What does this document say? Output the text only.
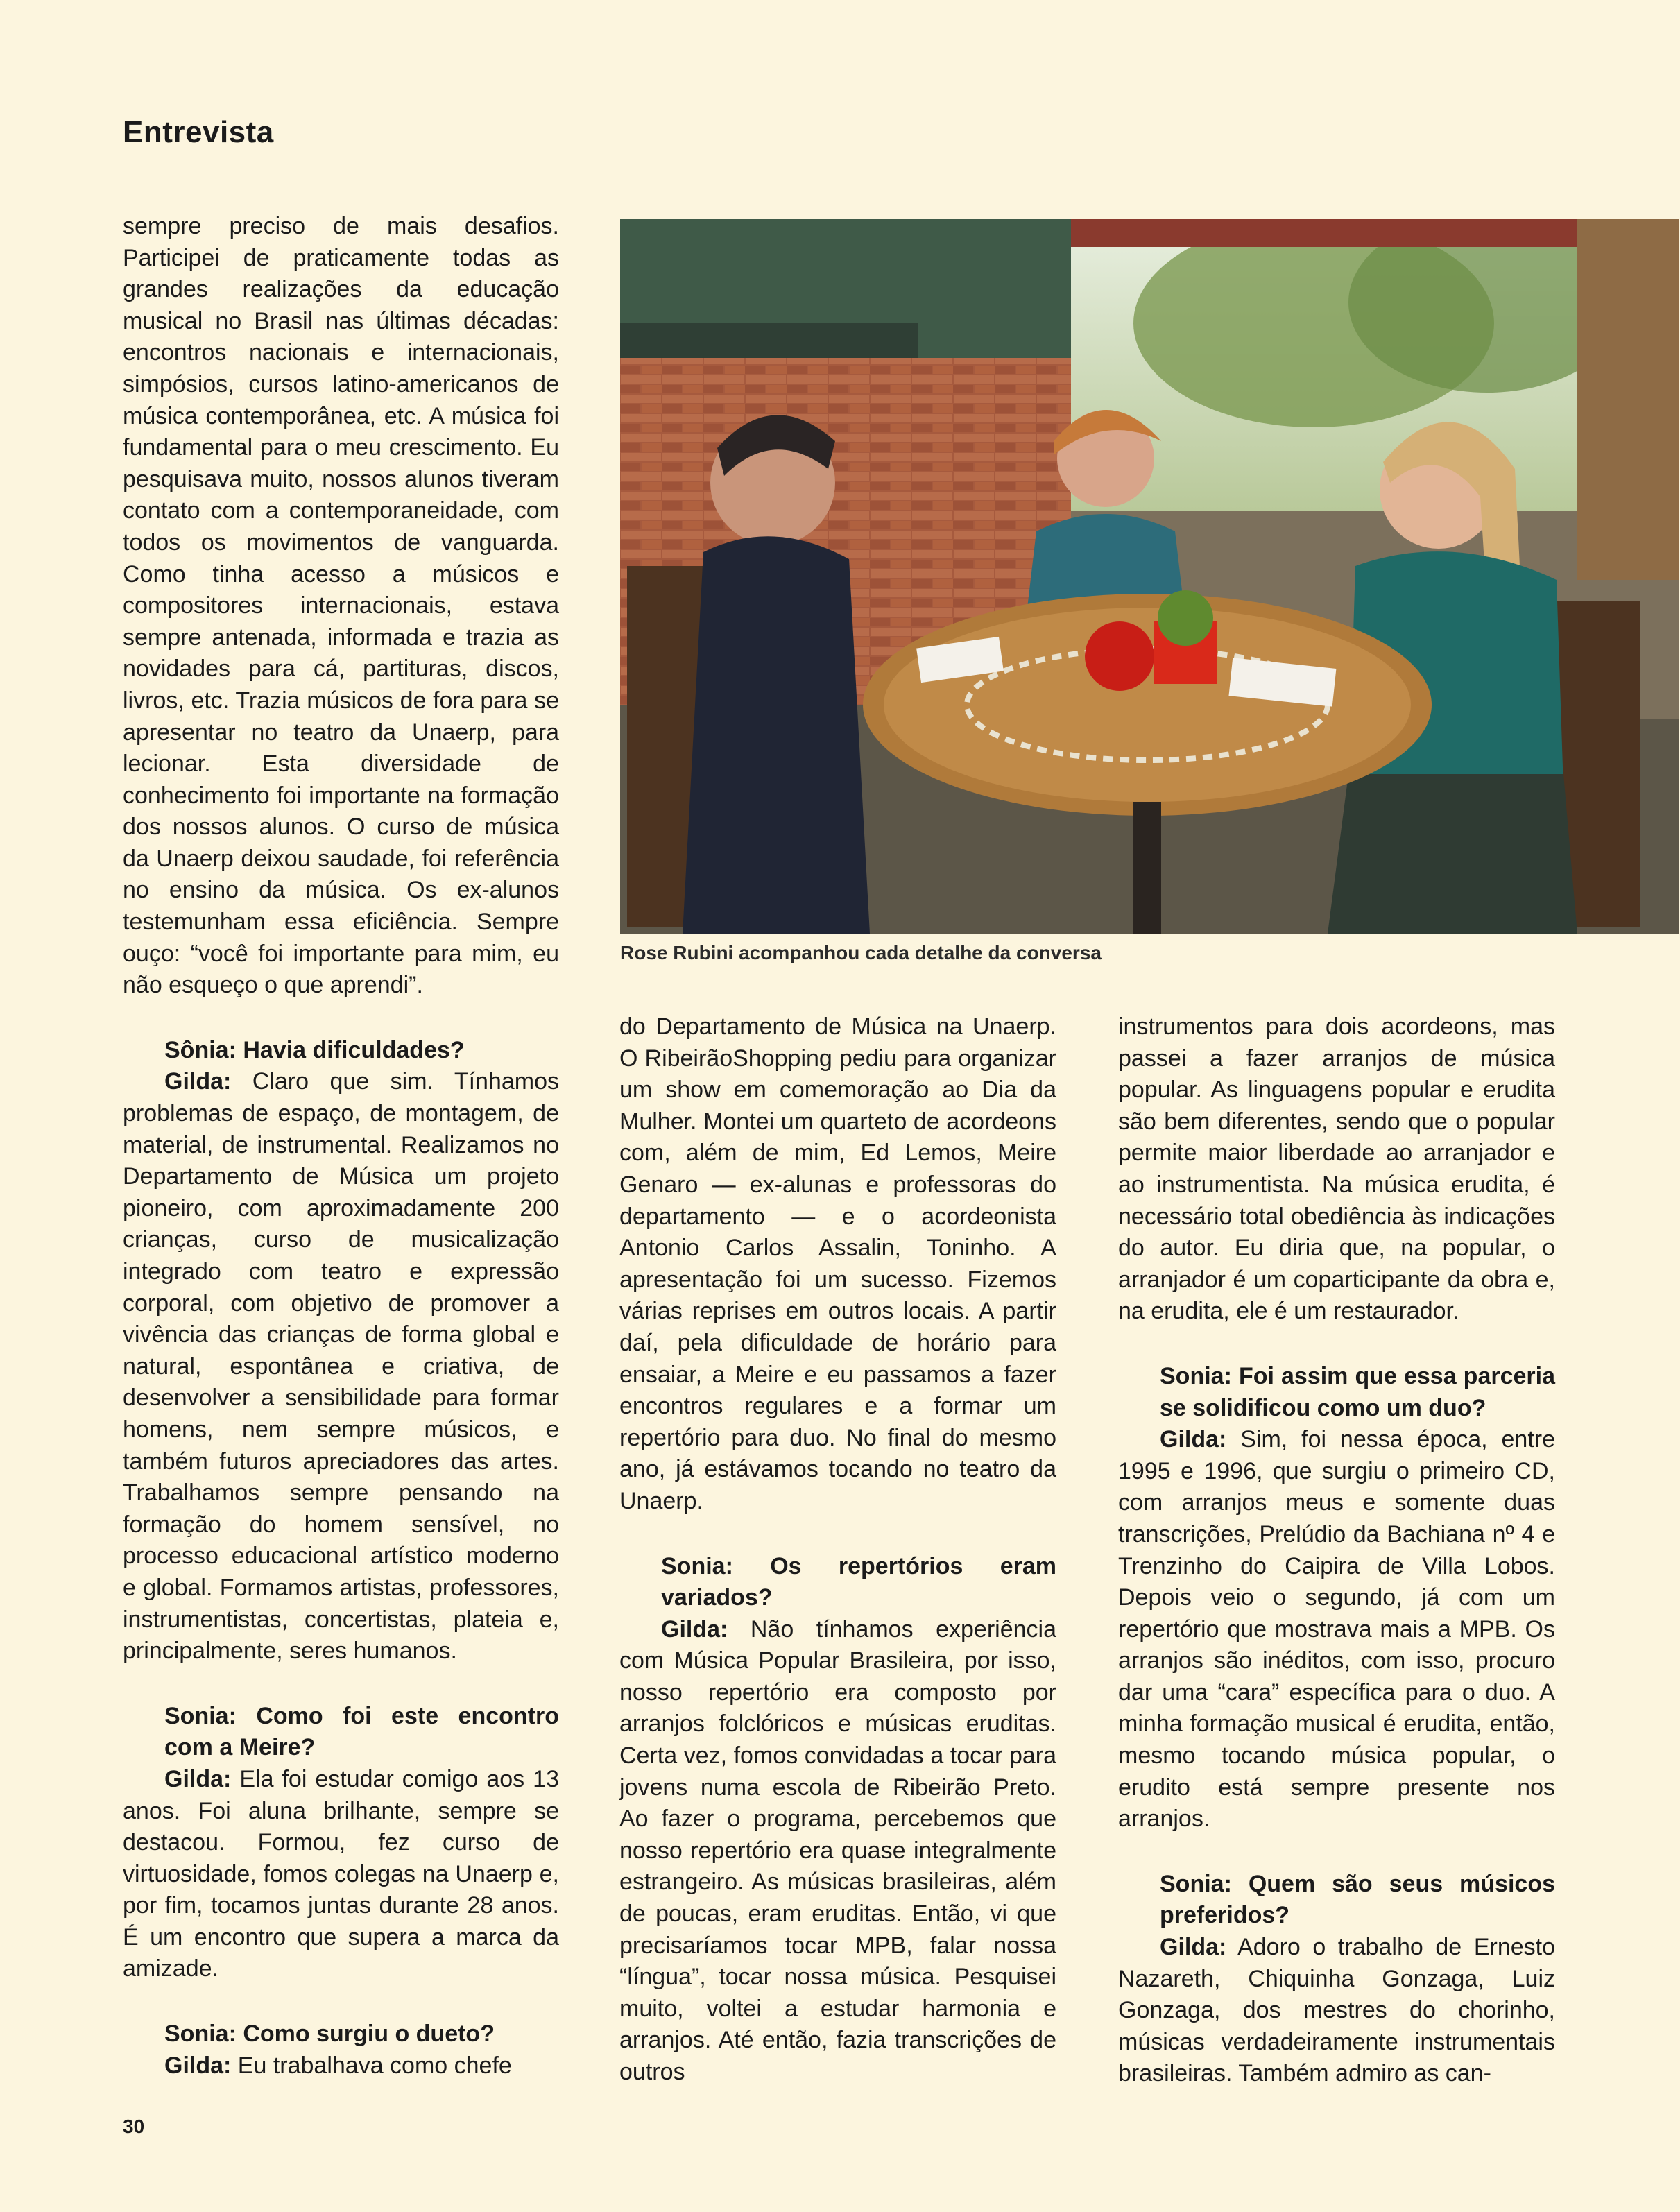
Entrevista

sempre preciso de mais desafios. Participei de praticamente todas as grandes realizações da educação musical no Brasil nas últimas décadas: encontros nacionais e internacionais, simpósios, cursos latino-americanos de música contemporânea, etc. A música foi fundamental para o meu crescimento. Eu pesquisava muito, nossos alunos tiveram contato com a contemporaneidade, com todos os movimentos de vanguarda. Como tinha acesso a músicos e compositores internacionais, estava sempre antenada, informada e trazia as novidades para cá, partituras, discos, livros, etc. Trazia músicos de fora para se apresentar no teatro da Unaerp, para lecionar. Esta diversidade de conhecimento foi importante na formação dos nossos alunos. O curso de música da Unaerp deixou saudade, foi referência no ensino da música. Os ex-alunos testemunham essa eficiência. Sempre ouço: “você foi importante para mim, eu não esqueço o que aprendi”.

Sônia: Havia dificuldades?

Gilda: Claro que sim. Tínhamos problemas de espaço, de montagem, de material, de instrumental. Realizamos no Departamento de Música um projeto pioneiro, com aproximadamente 200 crianças, curso de musicalização integrado com teatro e expressão corporal, com objetivo de promover a vivência das crianças de forma global e natural, espontânea e criativa, de desenvolver a sensibilidade para formar homens, nem sempre músicos, e também futuros apreciadores das artes. Trabalhamos sempre pensando na formação do homem sensível, no processo educacional artístico moderno e global. Formamos artistas, professores, instrumentistas, concertistas, plateia e, principalmente, seres humanos.

Sonia: Como foi este encontro com a Meire?

Gilda: Ela foi estudar comigo aos 13 anos. Foi aluna brilhante, sempre se destacou. Formou, fez curso de virtuosidade, fomos colegas na Unaerp e, por fim, tocamos juntas durante 28 anos. É um encontro que supera a marca da amizade.

Sonia: Como surgiu o dueto?

Gilda: Eu trabalhava como chefe

Rose Rubini acompanhou cada detalhe da conversa

do Departamento de Música na Unaerp. O RibeirãoShopping pediu para organizar um show em comemoração ao Dia da Mulher. Montei um quarteto de acordeons com, além de mim, Ed Lemos, Meire Genaro — ex-alunas e professoras do departamento — e o acordeonista Antonio Carlos Assalin, Toninho. A apresentação foi um sucesso. Fizemos várias reprises em outros locais. A partir daí, pela dificuldade de horário para ensaiar, a Meire e eu passamos a fazer encontros regulares e a formar um repertório para duo. No final do mesmo ano, já estávamos tocando no teatro da Unaerp.

Sonia: Os repertórios eram variados?

Gilda: Não tínhamos experiência com Música Popular Brasileira, por isso, nosso repertório era composto por arranjos folclóricos e músicas eruditas. Certa vez, fomos convidadas a tocar para jovens numa escola de Ribeirão Preto. Ao fazer o programa, percebemos que nosso repertório era quase integralmente estrangeiro. As músicas brasileiras, além de poucas, eram eruditas. Então, vi que precisaríamos tocar MPB, falar nossa “língua”, tocar nossa música. Pesquisei muito, voltei a estudar harmonia e arranjos. Até então, fazia transcrições de outros

instrumentos para dois acordeons, mas passei a fazer arranjos de música popular. As linguagens popular e erudita são bem diferentes, sendo que o popular permite maior liberdade ao arranjador e ao instrumentista. Na música erudita, é necessário total obediência às indicações do autor. Eu diria que, na popular, o arranjador é um coparticipante da obra e, na erudita, ele é um restaurador.

Sonia: Foi assim que essa parceria se solidificou como um duo?

Gilda: Sim, foi nessa época, entre 1995 e 1996, que surgiu o primeiro CD, com arranjos meus e somente duas transcrições, Prelúdio da Bachiana nº 4 e Trenzinho do Caipira de Villa Lobos. Depois veio o segundo, já com um repertório que mostrava mais a MPB. Os arranjos são inéditos, com isso, procuro dar uma “cara” específica para o duo. A minha formação musical é erudita, então, mesmo tocando música popular, o erudito está sempre presente nos arranjos.

Sonia: Quem são seus músicos preferidos?

Gilda: Adoro o trabalho de Ernesto Nazareth, Chiquinha Gonzaga, Luiz Gonzaga, dos mestres do chorinho, músicas verdadeiramente instrumentais brasileiras. Também admiro as can-

30
